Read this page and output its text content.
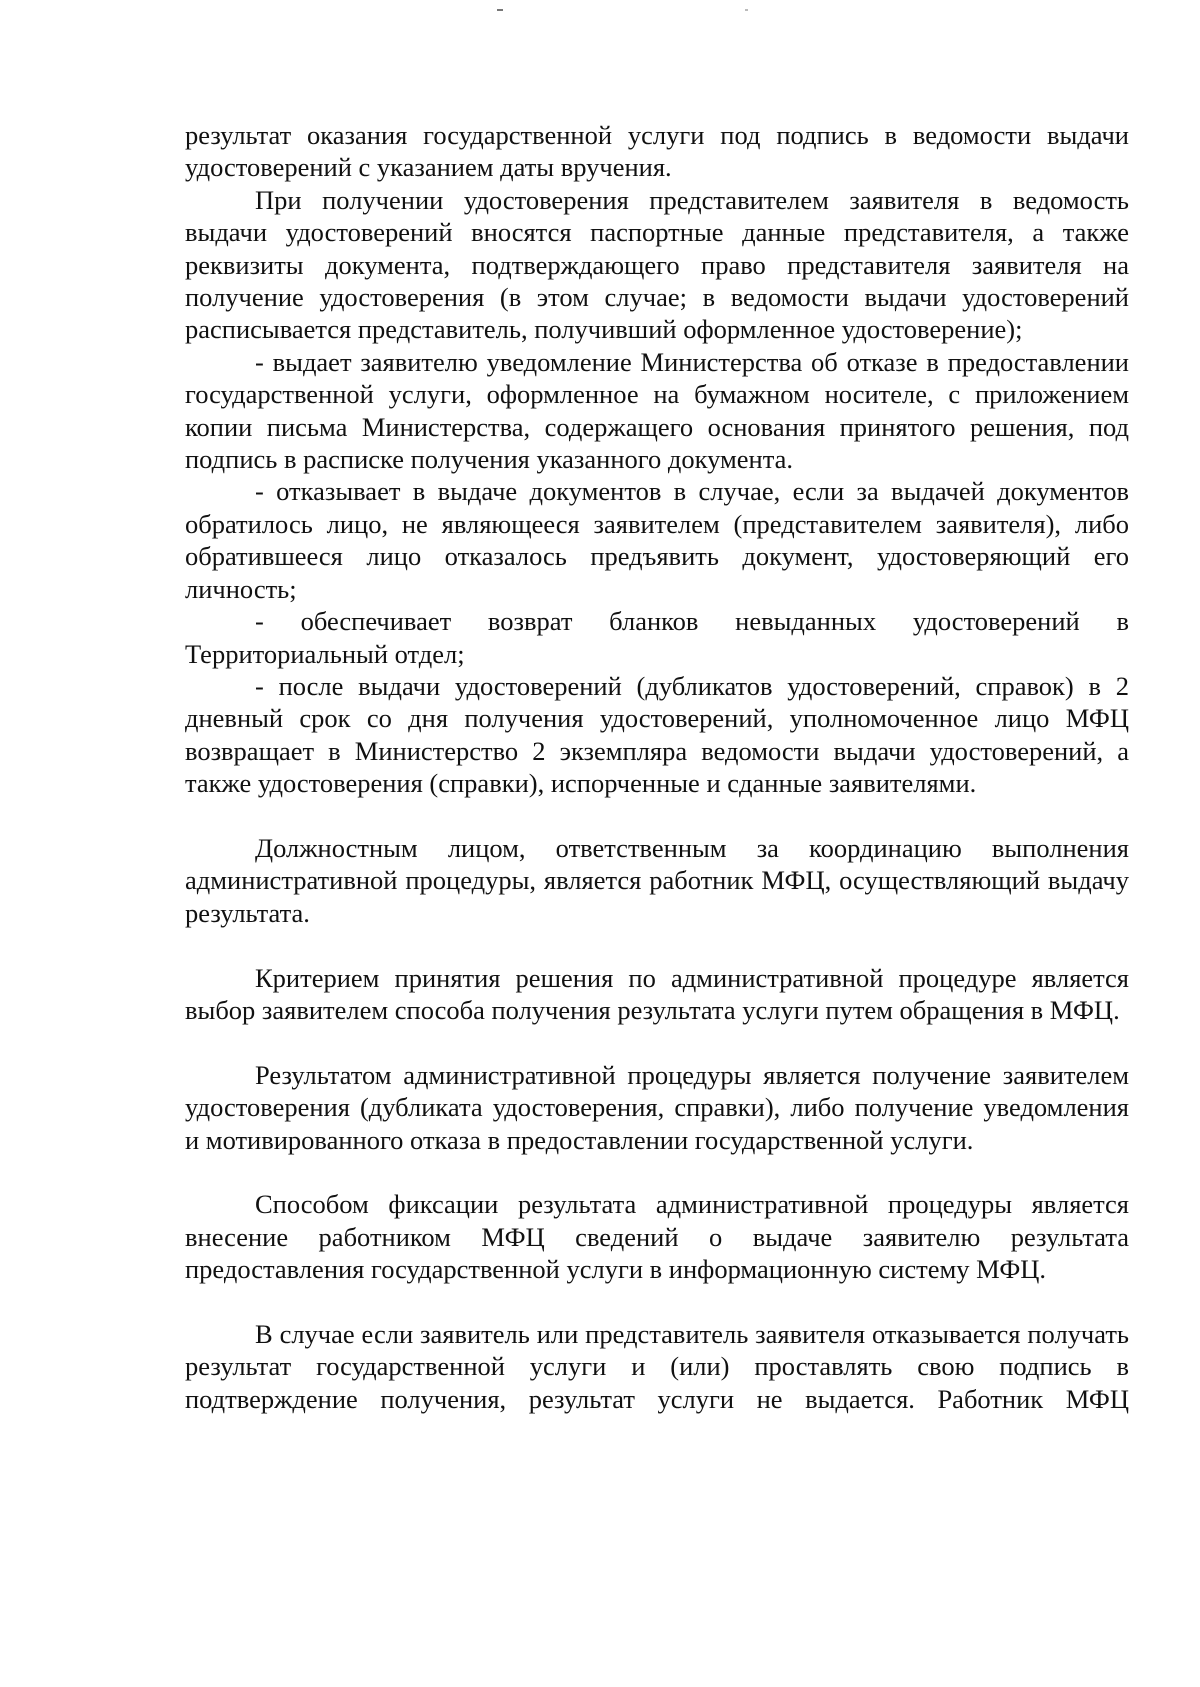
результат оказания государственной услуги под подпись в ведомости выдачи удостоверений с указанием даты вручения.

При получении удостоверения представителем заявителя в ведомость выдачи удостоверений вносятся паспортные данные представителя, а также реквизиты документа, подтверждающего право представителя заявителя на получение удостоверения (в этом случае; в ведомости выдачи удостоверений расписывается представитель, получивший оформленное удостоверение);

- выдает заявителю уведомление Министерства об отказе в предоставлении государственной услуги, оформленное на бумажном носителе, с приложением копии письма Министерства, содержащего основания принятого решения, под подпись в расписке получения указанного документа.

- отказывает в выдаче документов в случае, если за выдачей документов обратилось лицо, не являющееся заявителем (представителем заявителя), либо обратившееся лицо отказалось предъявить документ, удостоверяющий его личность;

- обеспечивает возврат бланков невыданных удостоверений в Территориальный отдел;

- после выдачи удостоверений (дубликатов удостоверений, справок) в 2 дневный срок со дня получения удостоверений, уполномоченное лицо МФЦ возвращает в Министерство 2 экземпляра ведомости выдачи удостоверений, а также удостоверения (справки), испорченные и сданные заявителями.

Должностным лицом, ответственным за координацию выполнения административной процедуры, является работник МФЦ, осуществляющий выдачу результата.

Критерием принятия решения по административной процедуре является выбор заявителем способа получения результата услуги путем обращения в МФЦ.

Результатом административной процедуры является получение заявителем удостоверения (дубликата удостоверения, справки), либо получение уведомления и мотивированного отказа в предоставлении государственной услуги.

Способом фиксации результата административной процедуры является внесение работником МФЦ сведений о выдаче заявителю результата предоставления государственной услуги в информационную систему МФЦ.

В случае если заявитель или представитель заявителя отказывается получать результат государственной услуги и (или) проставлять свою подпись в подтверждение получения, результат услуги не выдается. Работник МФЦ
